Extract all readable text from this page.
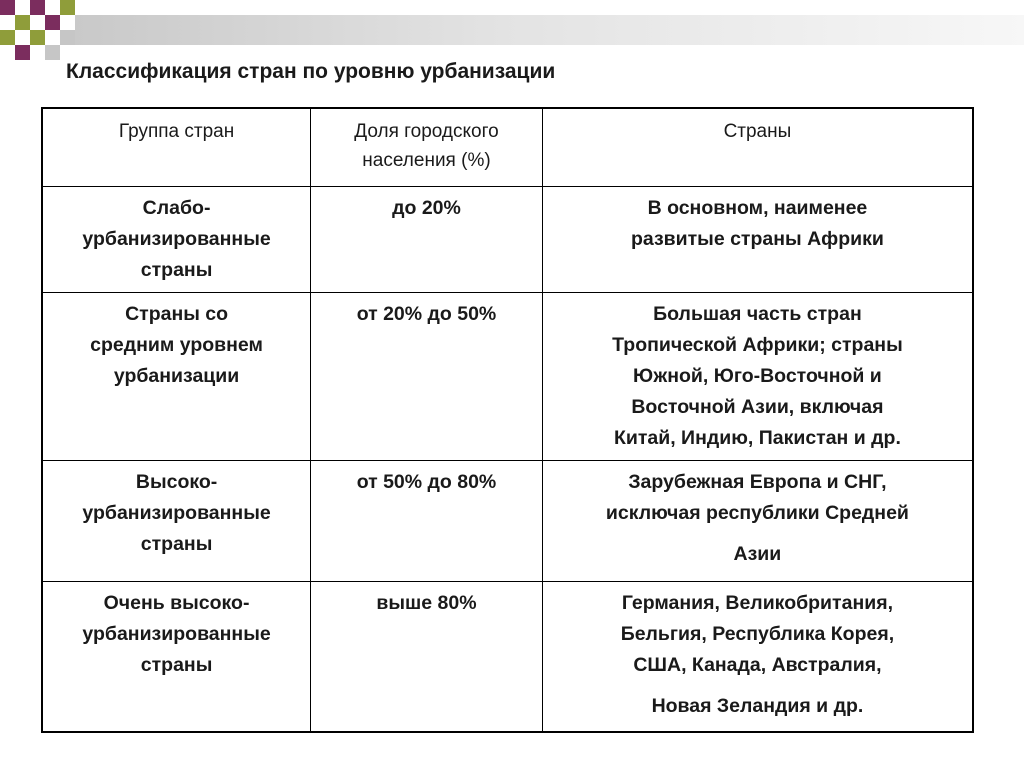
Классификация стран по уровню урбанизации
Группа стран	Доля городского
населения (%)	Страны

Слабо-
урбанизированные
страны	до 20%	В основном, наименее
развитые страны Африки

Страны со
средним уровнем
урбанизации	от 20% до 50%	Большая часть стран
Тропической Африки; страны
Южной, Юго-Восточной и
Восточной Азии, включая
Китай, Индию, Пакистан и др.

Высоко-
урбанизированные
страны	от 50% до 80%	Зарубежная Европа и СНГ,
исключая республики Средней
Азии

Очень высоко-
урбанизированные
страны	выше 80%	Германия, Великобритания,
Бельгия, Республика Корея,
США, Канада, Австралия,
Новая Зеландия и др.
